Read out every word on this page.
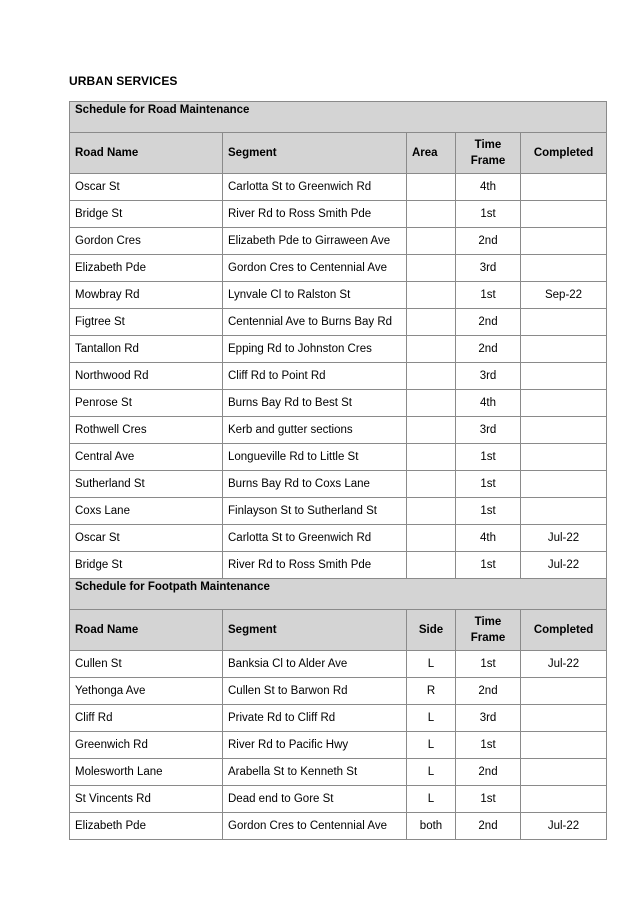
URBAN SERVICES
Schedule for Road Maintenance				
Road Name	Segment	Area	Time Frame	Completed
Oscar St	Carlotta St to Greenwich Rd		4th	
Bridge St	River Rd to Ross Smith Pde		1st	
Gordon Cres	Elizabeth Pde to Girraween Ave		2nd	
Elizabeth Pde	Gordon Cres to Centennial Ave		3rd	
Mowbray Rd	Lynvale Cl to Ralston St		1st	Sep-22
Figtree St	Centennial Ave to Burns Bay Rd		2nd	
Tantallon Rd	Epping Rd to Johnston Cres		2nd	
Northwood Rd	Cliff Rd to Point Rd		3rd	
Penrose St	Burns Bay Rd to Best St		4th	
Rothwell Cres	Kerb and gutter sections		3rd	
Central Ave	Longueville Rd to Little St		1st	
Sutherland St	Burns Bay Rd to Coxs Lane		1st	
Coxs Lane	Finlayson St to Sutherland St		1st	
Oscar St	Carlotta St to Greenwich Rd		4th	Jul-22
Bridge St	River Rd to Ross Smith Pde		1st	Jul-22
Schedule for Footpath Maintenance				
Road Name	Segment	Side	Time Frame	Completed
Cullen St	Banksia Cl to Alder Ave	L	1st	Jul-22
Yethonga Ave	Cullen St to Barwon Rd	R	2nd	
Cliff Rd	Private Rd to Cliff Rd	L	3rd	
Greenwich Rd	River Rd to Pacific Hwy	L	1st	
Molesworth Lane	Arabella St to Kenneth St	L	2nd	
St Vincents Rd	Dead end to Gore St	L	1st	
Elizabeth Pde	Gordon Cres to Centennial Ave	both	2nd	Jul-22
